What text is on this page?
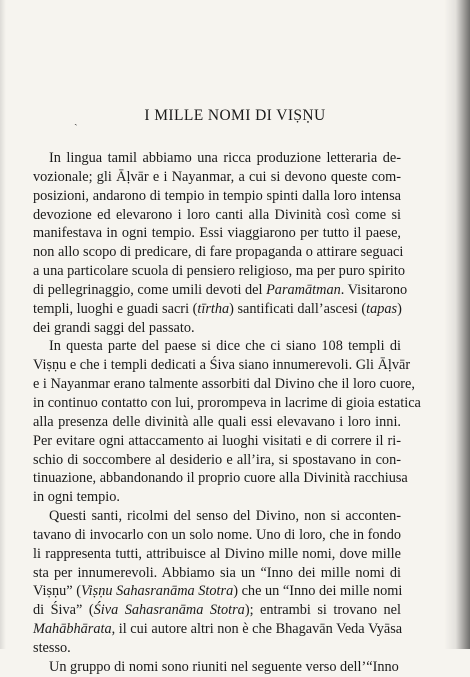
ˏ	I MILLE NOMI DI VIṢṆU
In lingua tamil abbiamo una ricca produzione letteraria de-
vozionale; gli Āḷvār e i Nayanmar, a cui si devono queste com-
posizioni, andarono di tempio in tempio spinti dalla loro intensa
devozione ed elevarono i loro canti alla Divinità così come si
manifestava in ogni tempio. Essi viaggiarono per tutto il paese,
non allo scopo di predicare, di fare propaganda o attirare seguaci
a una particolare scuola di pensiero religioso, ma per puro spirito
di pellegrinaggio, come umili devoti del Paramātman. Visitarono
templi, luoghi e guadi sacri (tīrtha) santificati dall’ascesi (tapas)
dei grandi saggi del passato.
In questa parte del paese si dice che ci siano 108 templi di
Viṣṇu e che i templi dedicati a Śiva siano innumerevoli. Gli Āḷvār
e i Nayanmar erano talmente assorbiti dal Divino che il loro cuore,
in continuo contatto con lui, prorompeva in lacrime di gioia estatica
alla presenza delle divinità alle quali essi elevavano i loro inni.
Per evitare ogni attaccamento ai luoghi visitati e di correre il ri-
schio di soccombere al desiderio e all’ira, si spostavano in con-
tinuazione, abbandonando il proprio cuore alla Divinità racchiusa
in ogni tempio.
Questi santi, ricolmi del senso del Divino, non si acconten-
tavano di invocarlo con un solo nome. Uno di loro, che in fondo
li rappresenta tutti, attribuisce al Divino mille nomi, dove mille
sta per innumerevoli. Abbiamo sia un “Inno dei mille nomi di
Viṣṇu” (Viṣṇu Sahasranāma Stotra) che un “Inno dei mille nomi
di Śiva” (Śiva Sahasranāma Stotra); entrambi si trovano nel
Mahābhārata, il cui autore altri non è che Bhagavān Veda Vyāsa
stesso.
Un gruppo di nomi sono riuniti nel seguente verso dell’“Inno
